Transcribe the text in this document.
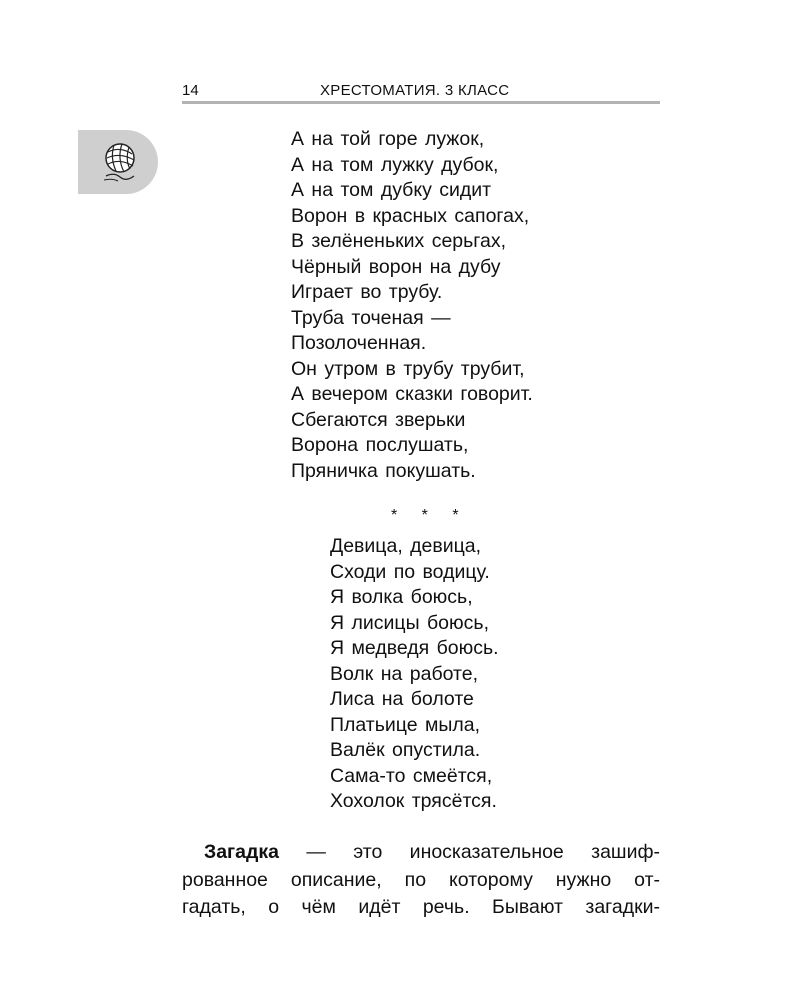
14	ХРЕСТОМАТИЯ. 3 КЛАСС
А на той горе лужок,
А на том лужку дубок,
А на том дубку сидит
Ворон в красных сапогах,
В зелёненьких серьгах,
Чёрный ворон на дубу
Играет во трубу.
Труба точеная —
Позолоченная.
Он утром в трубу трубит,
А вечером сказки говорит.
Сбегаются зверьки
Ворона послушать,
Пряничка покушать.
* * *
Девица, девица,
Сходи по водицу.
Я волка боюсь,
Я лисицы боюсь,
Я медведя боюсь.
Волк на работе,
Лиса на болоте
Платьице мыла,
Валёк опустила.
Сама-то смеётся,
Хохолок трясётся.
Загадка — это иносказательное зашиф-
рованное описание, по которому нужно от-
гадать, о чём идёт речь. Бывают загадки-
